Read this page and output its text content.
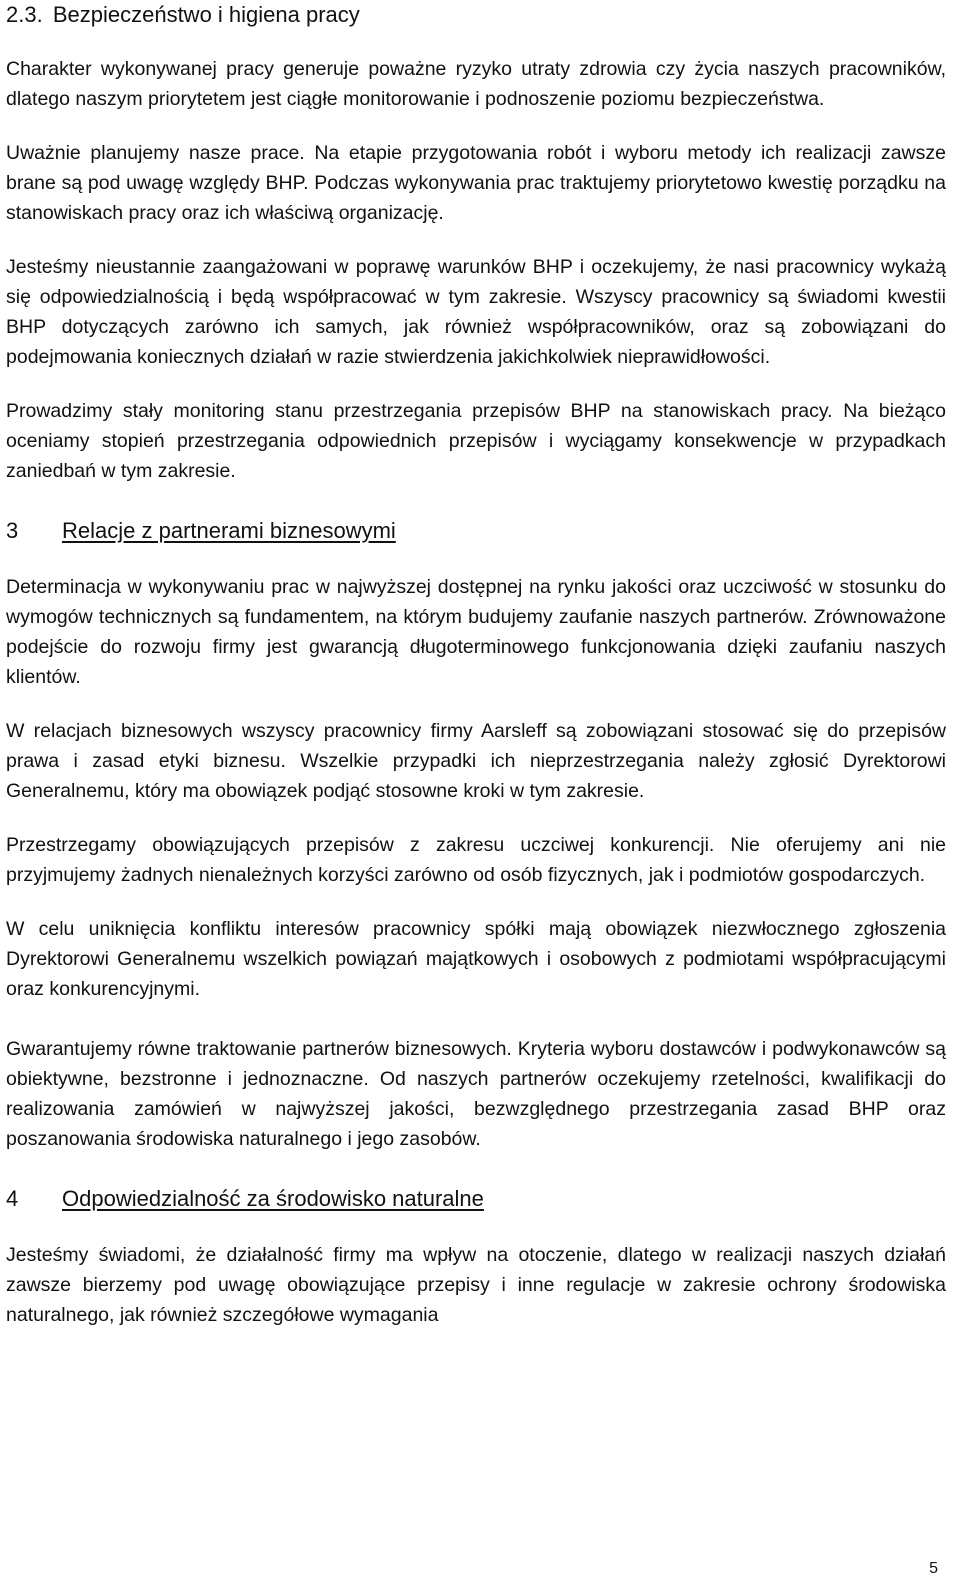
2.3. Bezpieczeństwo i higiena pracy

Charakter wykonywanej pracy generuje poważne ryzyko utraty zdrowia czy życia naszych pracowników, dlatego naszym priorytetem jest ciągłe monitorowanie i podnoszenie poziomu bezpieczeństwa.

Uważnie planujemy nasze prace. Na etapie przygotowania robót i wyboru metody ich realizacji zawsze brane są pod uwagę względy BHP. Podczas wykonywania prac traktujemy priorytetowo kwestię porządku na stanowiskach pracy oraz ich właściwą organizację.

Jesteśmy nieustannie zaangażowani w poprawę warunków BHP i oczekujemy, że nasi pracownicy wykażą się odpowiedzialnością i będą współpracować w tym zakresie. Wszyscy pracownicy są świadomi kwestii BHP dotyczących zarówno ich samych, jak również współpracowników, oraz są zobowiązani do podejmowania koniecznych działań w razie stwierdzenia jakichkolwiek nieprawidłowości.

Prowadzimy stały monitoring stanu przestrzegania przepisów BHP na stanowiskach pracy. Na bieżąco oceniamy stopień przestrzegania odpowiednich przepisów i wyciągamy konsekwencje w przypadkach zaniedbań w tym zakresie.

3 Relacje z partnerami biznesowymi

Determinacja w wykonywaniu prac w najwyższej dostępnej na rynku jakości oraz uczciwość w stosunku do wymogów technicznych są fundamentem, na którym budujemy zaufanie naszych partnerów. Zrównoważone podejście do rozwoju firmy jest gwarancją długoterminowego funkcjonowania dzięki zaufaniu naszych klientów.

W relacjach biznesowych wszyscy pracownicy firmy Aarsleff są zobowiązani stosować się do przepisów prawa i zasad etyki biznesu. Wszelkie przypadki ich nieprzestrzegania należy zgłosić Dyrektorowi Generalnemu, który ma obowiązek podjąć stosowne kroki w tym zakresie.

Przestrzegamy obowiązujących przepisów z zakresu uczciwej konkurencji. Nie oferujemy ani nie przyjmujemy żadnych nienależnych korzyści zarówno od osób fizycznych, jak i podmiotów gospodarczych.

W celu uniknięcia konfliktu interesów pracownicy spółki mają obowiązek niezwłocznego zgłoszenia Dyrektorowi Generalnemu wszelkich powiązań majątkowych i osobowych z podmiotami współpracującymi oraz konkurencyjnymi.

Gwarantujemy równe traktowanie partnerów biznesowych. Kryteria wyboru dostawców i podwykonawców są obiektywne, bezstronne i jednoznaczne. Od naszych partnerów oczekujemy rzetelności, kwalifikacji do realizowania zamówień w najwyższej jakości, bezwzględnego przestrzegania zasad BHP oraz poszanowania środowiska naturalnego i jego zasobów.

4 Odpowiedzialność za środowisko naturalne

Jesteśmy świadomi, że działalność firmy ma wpływ na otoczenie, dlatego w realizacji naszych działań zawsze bierzemy pod uwagę obowiązujące przepisy i inne regulacje w zakresie ochrony środowiska naturalnego, jak również szczegółowe wymagania

5
